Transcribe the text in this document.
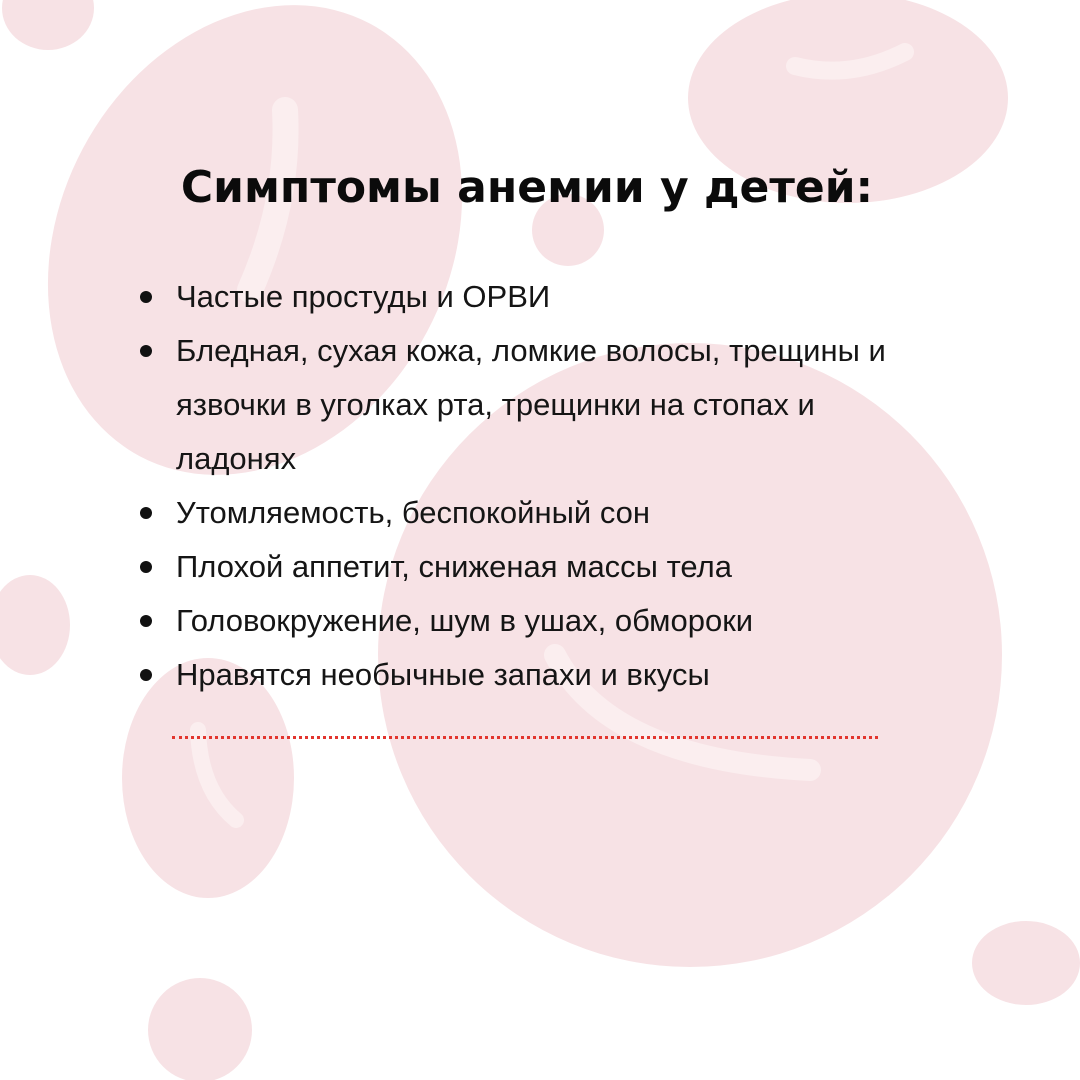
Симптомы анемии у детей:
Частые простуды и ОРВИ
Бледная, сухая кожа, ломкие волосы, трещины и язвочки в уголках рта, трещинки на стопах и ладонях
Утомляемость, беспокойный сон
Плохой аппетит, сниженая массы тела
Головокружение, шум в ушах, обмороки
Нравятся необычные запахи и вкусы
